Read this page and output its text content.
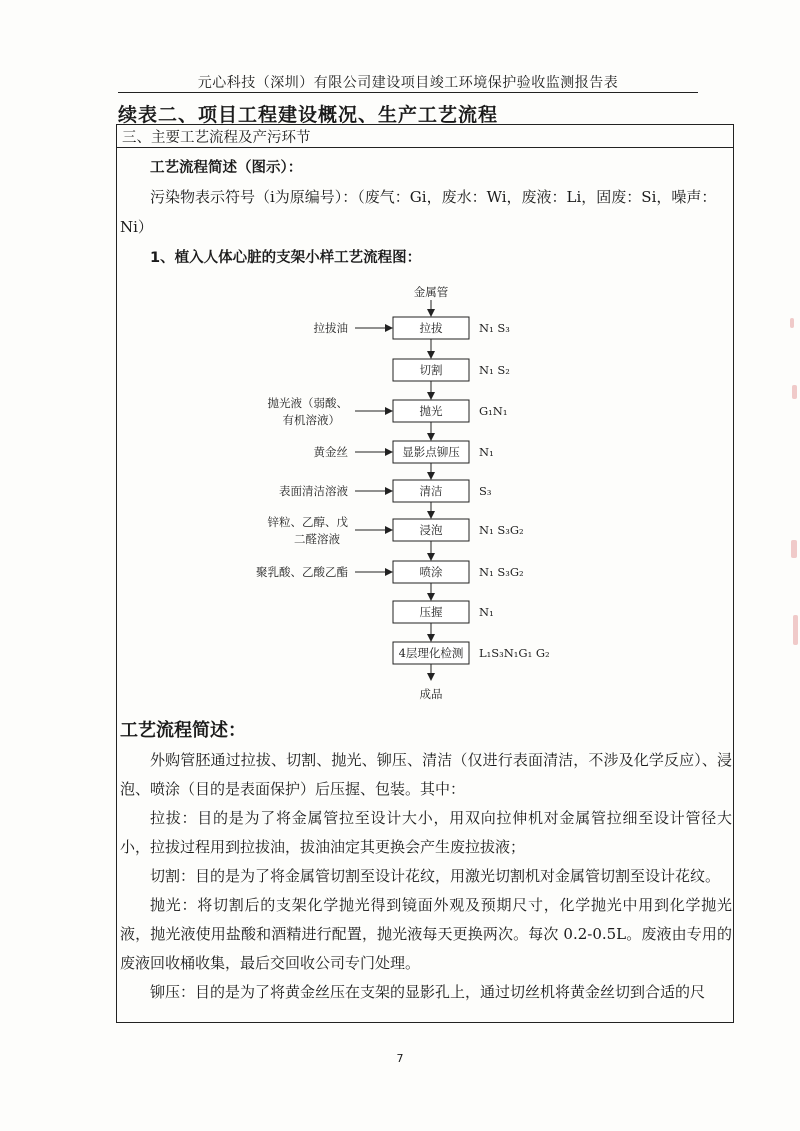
元心科技（深圳）有限公司建设项目竣工环境保护验收监测报告表
续表二、项目工程建设概况、生产工艺流程
三、主要工艺流程及产污环节
工艺流程简述（图示）：
污染物表示符号（i为原编号）：（废气：Gi，废水：Wi，废液：Li，固废：Si，噪声：
Ni）
1、植入人体心脏的支架小样工艺流程图：
金属管
拉拔	N₁ S₃
拉拔油
切割	N₁ S₂
抛光	G₁N₁
抛光液（弱酸、
有机溶液）
显影点铆压 N₁
黄金丝
清洁	S₃
表面清洁溶液
浸泡	N₁ S₃G₂
锌粒、乙醇、戊
二醛溶液
喷涂	N₁ S₃G₂
聚乳酸、乙酸乙酯
压握	N₁
4层理化检测 L₁S₃N₁G₁ G₂
成品
工艺流程简述：
外购管胚通过拉拔、切割、抛光、铆压、清洁（仅进行表面清洁，不涉及化学反应）、浸泡、喷涂（目的是表面保护）后压握、包装。其中：
拉拔：目的是为了将金属管拉至设计大小，用双向拉伸机对金属管拉细至设计管径大小，拉拔过程用到拉拔油，拔油油定其更换会产生废拉拔液；
切割：目的是为了将金属管切割至设计花纹，用激光切割机对金属管切割至设计花纹。
抛光：将切割后的支架化学抛光得到镜面外观及预期尺寸，化学抛光中用到化学抛光液，抛光液使用盐酸和酒精进行配置，抛光液每天更换两次。每次 0.2-0.5L。废液由专用的废液回收桶收集，最后交回收公司专门处理。
铆压：目的是为了将黄金丝压在支架的显影孔上，通过切丝机将黄金丝切到合适的尺
7
